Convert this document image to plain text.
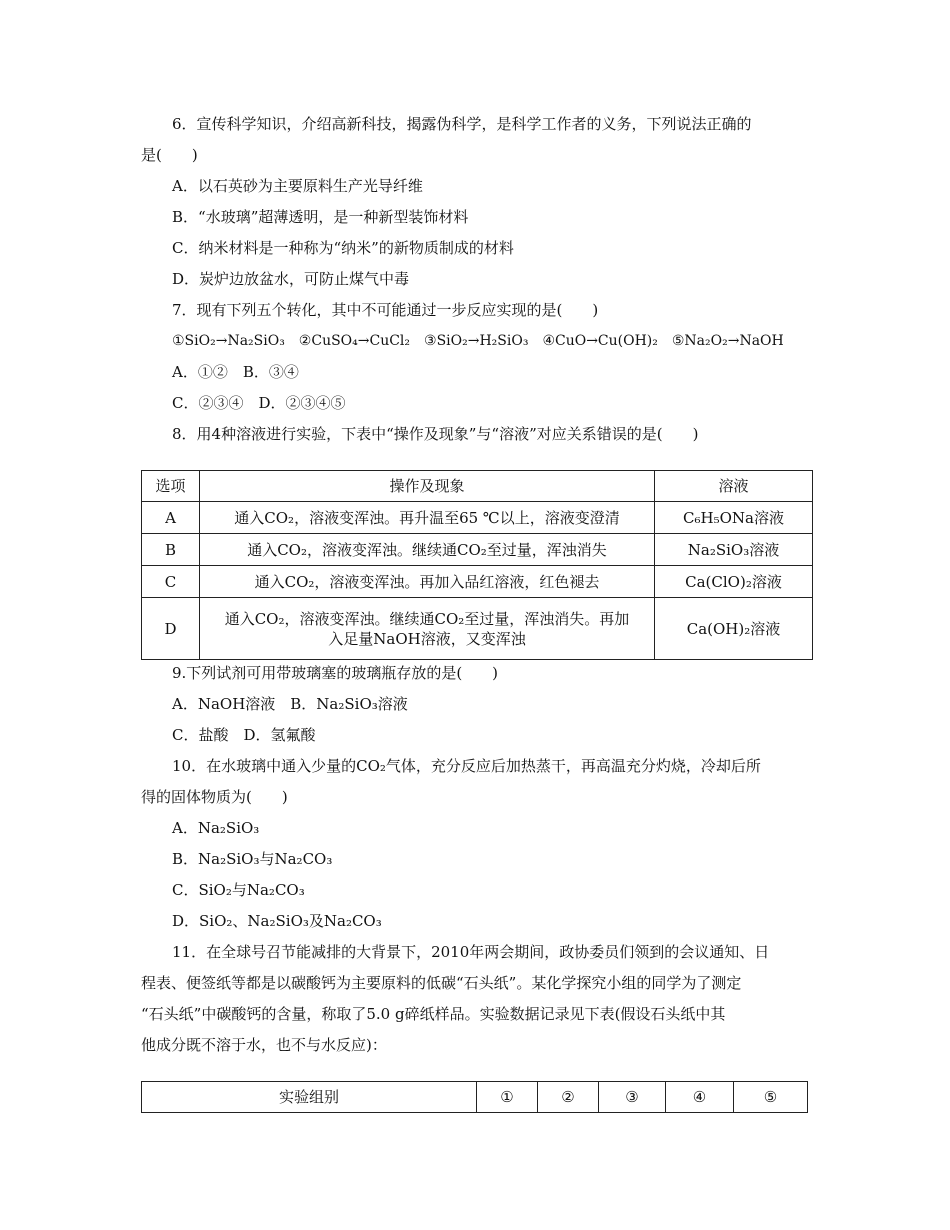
6．宣传科学知识，介绍高新科技，揭露伪科学，是科学工作者的义务，下列说法正确的
是(　　)
A．以石英砂为主要原料生产光导纤维
B．“水玻璃”超薄透明，是一种新型装饰材料
C．纳米材料是一种称为“纳米”的新物质制成的材料
D．炭炉边放盆水，可防止煤气中毒
7．现有下列五个转化，其中不可能通过一步反应实现的是(　　)
①SiO₂→Na₂SiO₃　②CuSO₄→CuCl₂　③SiO₂→H₂SiO₃　④CuO→Cu(OH)₂　⑤Na₂O₂→NaOH
A．①②　B．③④
C．②③④　D．②③④⑤
8．用4种溶液进行实验，下表中“操作及现象”与“溶液”对应关系错误的是(　　)
选项	操作及现象	溶液
A	通入CO₂，溶液变浑浊。再升温至65 ℃以上，溶液变澄清	C₆H₅ONa溶液
B	通入CO₂，溶液变浑浊。继续通CO₂至过量，浑浊消失	Na₂SiO₃溶液
C	通入CO₂，溶液变浑浊。再加入品红溶液，红色褪去	Ca(ClO)₂溶液
D	通入CO₂，溶液变浑浊。继续通CO₂至过量，浑浊消失。再加
入足量NaOH溶液，又变浑浊	Ca(OH)₂溶液
9.下列试剂可用带玻璃塞的玻璃瓶存放的是(　　)
A．NaOH溶液　B．Na₂SiO₃溶液
C．盐酸　D．氢氟酸
10．在水玻璃中通入少量的CO₂气体，充分反应后加热蒸干，再高温充分灼烧，冷却后所
得的固体物质为(　　)
A．Na₂SiO₃
B．Na₂SiO₃与Na₂CO₃
C．SiO₂与Na₂CO₃
D．SiO₂、Na₂SiO₃及Na₂CO₃
11．在全球号召节能减排的大背景下，2010年两会期间，政协委员们领到的会议通知、日
程表、便签纸等都是以碳酸钙为主要原料的低碳“石头纸”。某化学探究小组的同学为了测定
“石头纸”中碳酸钙的含量，称取了5.0 g碎纸样品。实验数据记录见下表(假设石头纸中其
他成分既不溶于水，也不与水反应)：
实验组别	①	②	③	④	⑤
